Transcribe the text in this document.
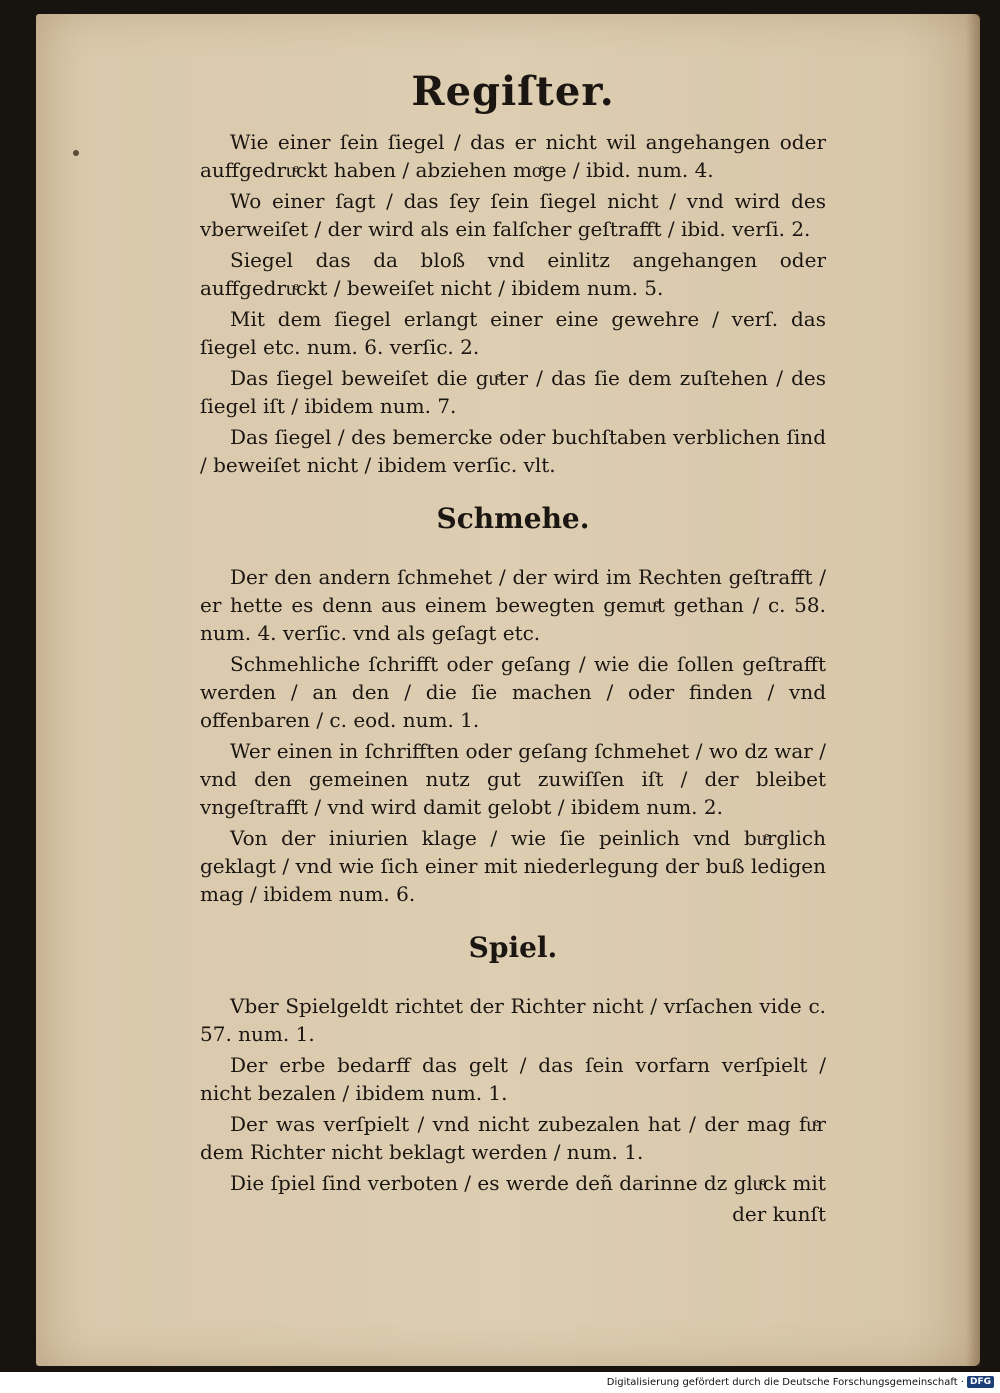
Regiſter.

Wie einer ſein ſiegel / das er nicht wil angehangen oder auffgedruͤckt haben / abziehen moͤge / ibid. num. 4.

Wo einer ſagt / das ſey ſein ſiegel nicht / vnd wird des vberweiſet / der wird als ein falſcher geſtrafft / ibid. verſi. 2.

Siegel das da bloß vnd einlitz angehangen oder auffgedruͤckt / beweiſet nicht / ibidem num. 5.

Mit dem ſiegel erlangt einer eine gewehre / verſ. das ſiegel etc. num. 6. verſic. 2.

Das ſiegel beweiſet die guͤter / das ſie dem zuſtehen / des ſiegel iſt / ibidem num. 7.

Das ſiegel / des bemercke oder buchſtaben verblichen ſind / beweiſet nicht / ibidem verſic. vlt.

Schmehe.

Der den andern ſchmehet / der wird im Rechten geſtrafft / er hette es denn aus einem bewegten gemuͤt gethan / c. 58. num. 4. verſic. vnd als geſagt etc.

Schmehliche ſchrifft oder geſang / wie die ſollen geſtrafft werden / an den / die ſie machen / oder finden / vnd offenbaren / c. eod. num. 1.

Wer einen in ſchrifften oder geſang ſchmehet / wo dz war / vnd den gemeinen nutz gut zuwiſſen iſt / der bleibet vngeſtrafft / vnd wird damit gelobt / ibidem num. 2.

Von der iniurien klage / wie ſie peinlich vnd buͤrglich geklagt / vnd wie ſich einer mit niederlegung der buß ledigen mag / ibidem num. 6.

Spiel.

Vber Spielgeldt richtet der Richter nicht / vrſachen vide c. 57. num. 1.

Der erbe bedarff das gelt / das ſein vorfarn verſpielt / nicht bezalen / ibidem num. 1.

Der was verſpielt / vnd nicht zubezalen hat / der mag fuͤr dem Richter nicht beklagt werden / num. 1.

Die ſpiel ſind verboten / es werde deñ darinne dz gluͤck mit

der kunſt

Digitalisierung gefördert durch die Deutsche Forschungsgemeinschaft · DFG
